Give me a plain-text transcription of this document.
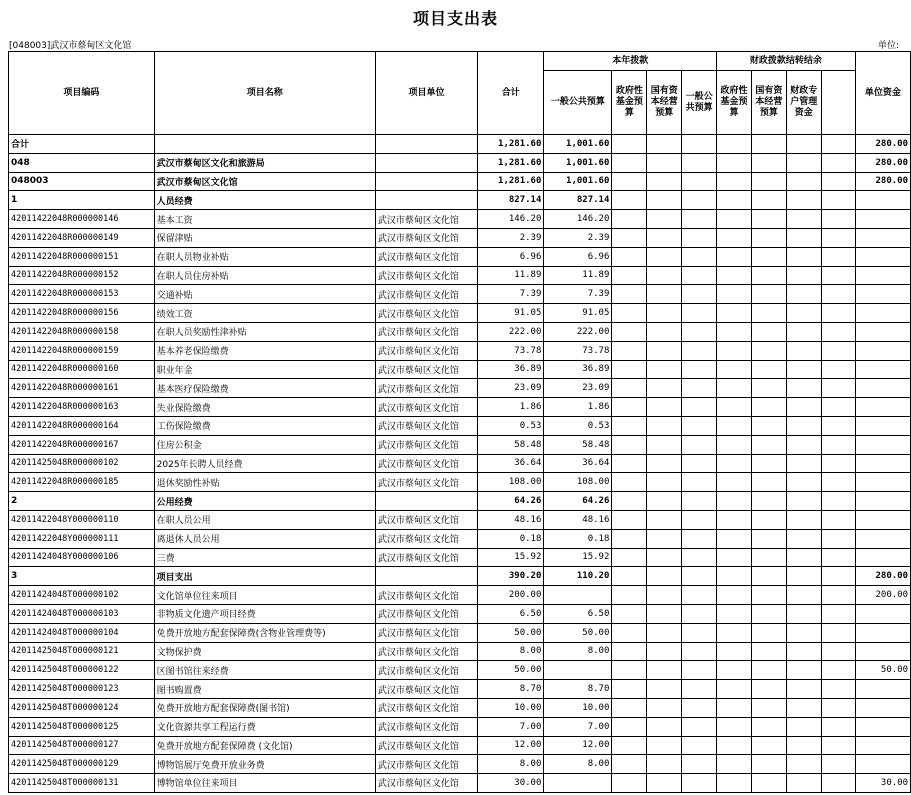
项目支出表
[048003]武汉市蔡甸区文化馆	单位:
项目编码	项目名称	项目单位	合计	本年拨款				财政拨款结转结余				单位资金
				一般公共预算	政府性基金预算	国有资本经营预算	一般公共预算	政府性基金预算	国有资本经营预算	财政专户管理资金		
合计			1,281.60	1,001.60								280.00
048	武汉市蔡甸区文化和旅游局		1,281.60	1,001.60								280.00
048003	武汉市蔡甸区文化馆		1,281.60	1,001.60								280.00
1	人员经费		827.14	827.14								
42011422048R000000146	基本工资	武汉市蔡甸区文化馆	146.20	146.20								
42011422048R000000149	保留津贴	武汉市蔡甸区文化馆	2.39	2.39								
42011422048R000000151	在职人员物业补贴	武汉市蔡甸区文化馆	6.96	6.96								
42011422048R000000152	在职人员住房补贴	武汉市蔡甸区文化馆	11.89	11.89								
42011422048R000000153	交通补贴	武汉市蔡甸区文化馆	7.39	7.39								
42011422048R000000156	绩效工资	武汉市蔡甸区文化馆	91.05	91.05								
42011422048R000000158	在职人员奖励性津补贴	武汉市蔡甸区文化馆	222.00	222.00								
42011422048R000000159	基本养老保险缴费	武汉市蔡甸区文化馆	73.78	73.78								
42011422048R000000160	职业年金	武汉市蔡甸区文化馆	36.89	36.89								
42011422048R000000161	基本医疗保险缴费	武汉市蔡甸区文化馆	23.09	23.09								
42011422048R000000163	失业保险缴费	武汉市蔡甸区文化馆	1.86	1.86								
42011422048R000000164	工伤保险缴费	武汉市蔡甸区文化馆	0.53	0.53								
42011422048R000000167	住房公积金	武汉市蔡甸区文化馆	58.48	58.48								
42011425048R000000102	2025年长聘人员经费	武汉市蔡甸区文化馆	36.64	36.64								
42011422048R000000185	退休奖励性补贴	武汉市蔡甸区文化馆	108.00	108.00								
2	公用经费		64.26	64.26								
42011422048Y000000110	在职人员公用	武汉市蔡甸区文化馆	48.16	48.16								
42011422048Y000000111	离退休人员公用	武汉市蔡甸区文化馆	0.18	0.18								
42011424048Y000000106	三费	武汉市蔡甸区文化馆	15.92	15.92								
3	项目支出		390.20	110.20								280.00
42011424048T000000102	文化馆单位往来项目	武汉市蔡甸区文化馆	200.00									200.00
42011424048T000000103	非物质文化遗产项目经费	武汉市蔡甸区文化馆	6.50	6.50								
42011424048T000000104	免费开放地方配套保障费(含物业管理费等)	武汉市蔡甸区文化馆	50.00	50.00								
42011425048T000000121	文物保护费	武汉市蔡甸区文化馆	8.00	8.00								
42011425048T000000122	区图书馆往来经费	武汉市蔡甸区文化馆	50.00									50.00
42011425048T000000123	图书购置费	武汉市蔡甸区文化馆	8.70	8.70								
42011425048T000000124	免费开放地方配套保障费(图书馆)	武汉市蔡甸区文化馆	10.00	10.00								
42011425048T000000125	文化资源共享工程运行费	武汉市蔡甸区文化馆	7.00	7.00								
42011425048T000000127	免费开放地方配套保障费 (文化馆)	武汉市蔡甸区文化馆	12.00	12.00								
42011425048T000000129	博物馆展厅免费开放业务费	武汉市蔡甸区文化馆	8.00	8.00								
42011425048T000000131	博物馆单位往来项目	武汉市蔡甸区文化馆	30.00									30.00
